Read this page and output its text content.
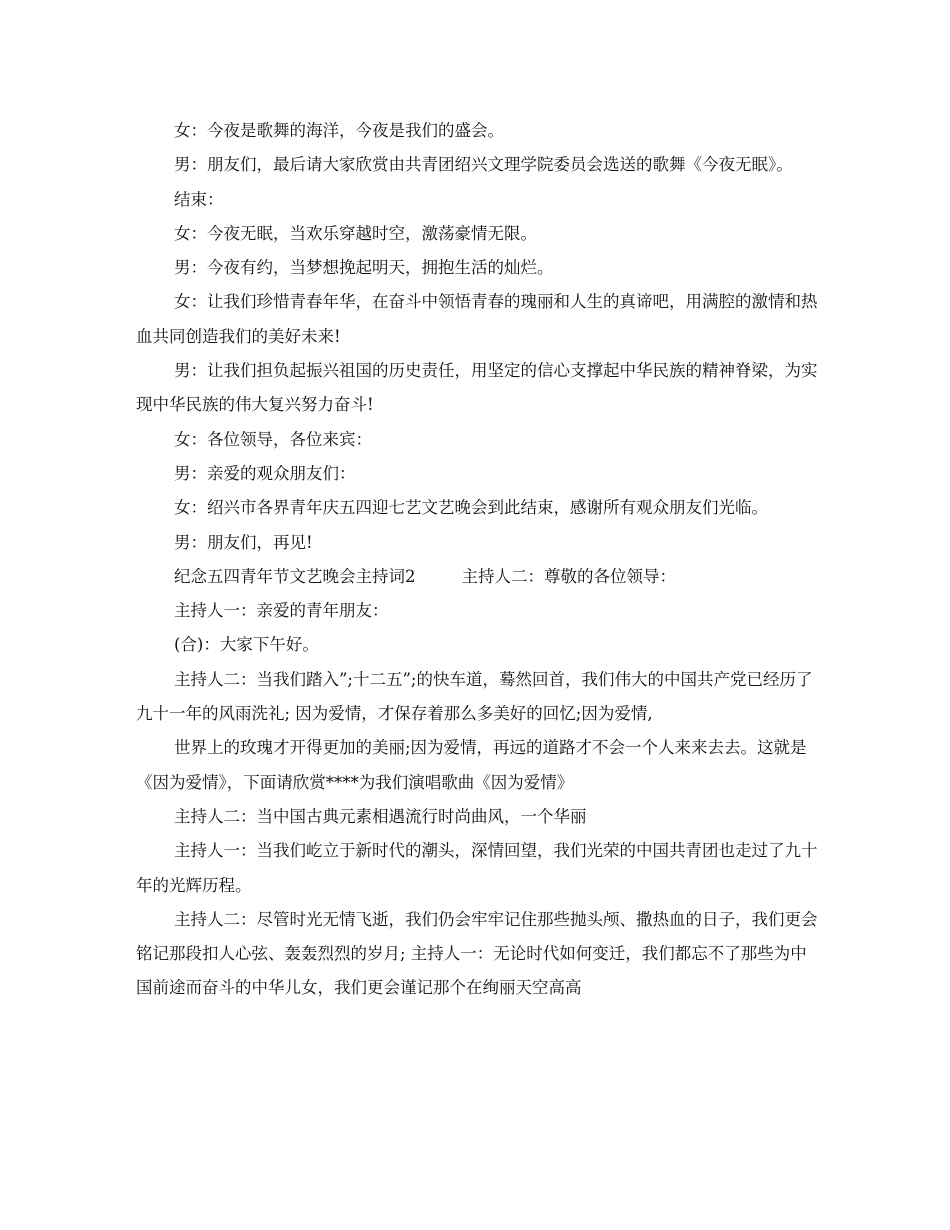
女：今夜是歌舞的海洋，今夜是我们的盛会。

男：朋友们，最后请大家欣赏由共青团绍兴文理学院委员会选送的歌舞《今夜无眠》。

结束：

女：今夜无眠，当欢乐穿越时空，激荡豪情无限。

男：今夜有约，当梦想挽起明天，拥抱生活的灿烂。

女：让我们珍惜青春年华，在奋斗中领悟青春的瑰丽和人生的真谛吧，用满腔的激情和热血共同创造我们的美好未来!

男：让我们担负起振兴祖国的历史责任，用坚定的信心支撑起中华民族的精神脊梁，为实现中华民族的伟大复兴努力奋斗!

女：各位领导，各位来宾：

男：亲爱的观众朋友们：

女：绍兴市各界青年庆五四迎七艺文艺晚会到此结束，感谢所有观众朋友们光临。

男：朋友们，再见!

纪念五四青年节文艺晚会主持词2	主持人二：尊敬的各位领导：

主持人一：亲爱的青年朋友：

(合)：大家下午好。

主持人二：当我们踏入”;十二五”;的快车道，蓦然回首，我们伟大的中国共产党已经历了九十一年的风雨洗礼; 因为爱情，才保存着那么多美好的回忆;因为爱情,

世界上的玫瑰才开得更加的美丽;因为爱情，再远的道路才不会一个人来来去去。这就是《因为爱情》，下面请欣赏****为我们演唱歌曲《因为爱情》

主持人二：当中国古典元素相遇流行时尚曲风，一个华丽

主持人一：当我们屹立于新时代的潮头，深情回望，我们光荣的中国共青团也走过了九十年的光辉历程。

主持人二：尽管时光无情飞逝，我们仍会牢牢记住那些抛头颅、撒热血的日子，我们更会铭记那段扣人心弦、轰轰烈烈的岁月; 主持人一：无论时代如何变迁，我们都忘不了那些为中国前途而奋斗的中华儿女，我们更会谨记那个在绚丽天空高高
